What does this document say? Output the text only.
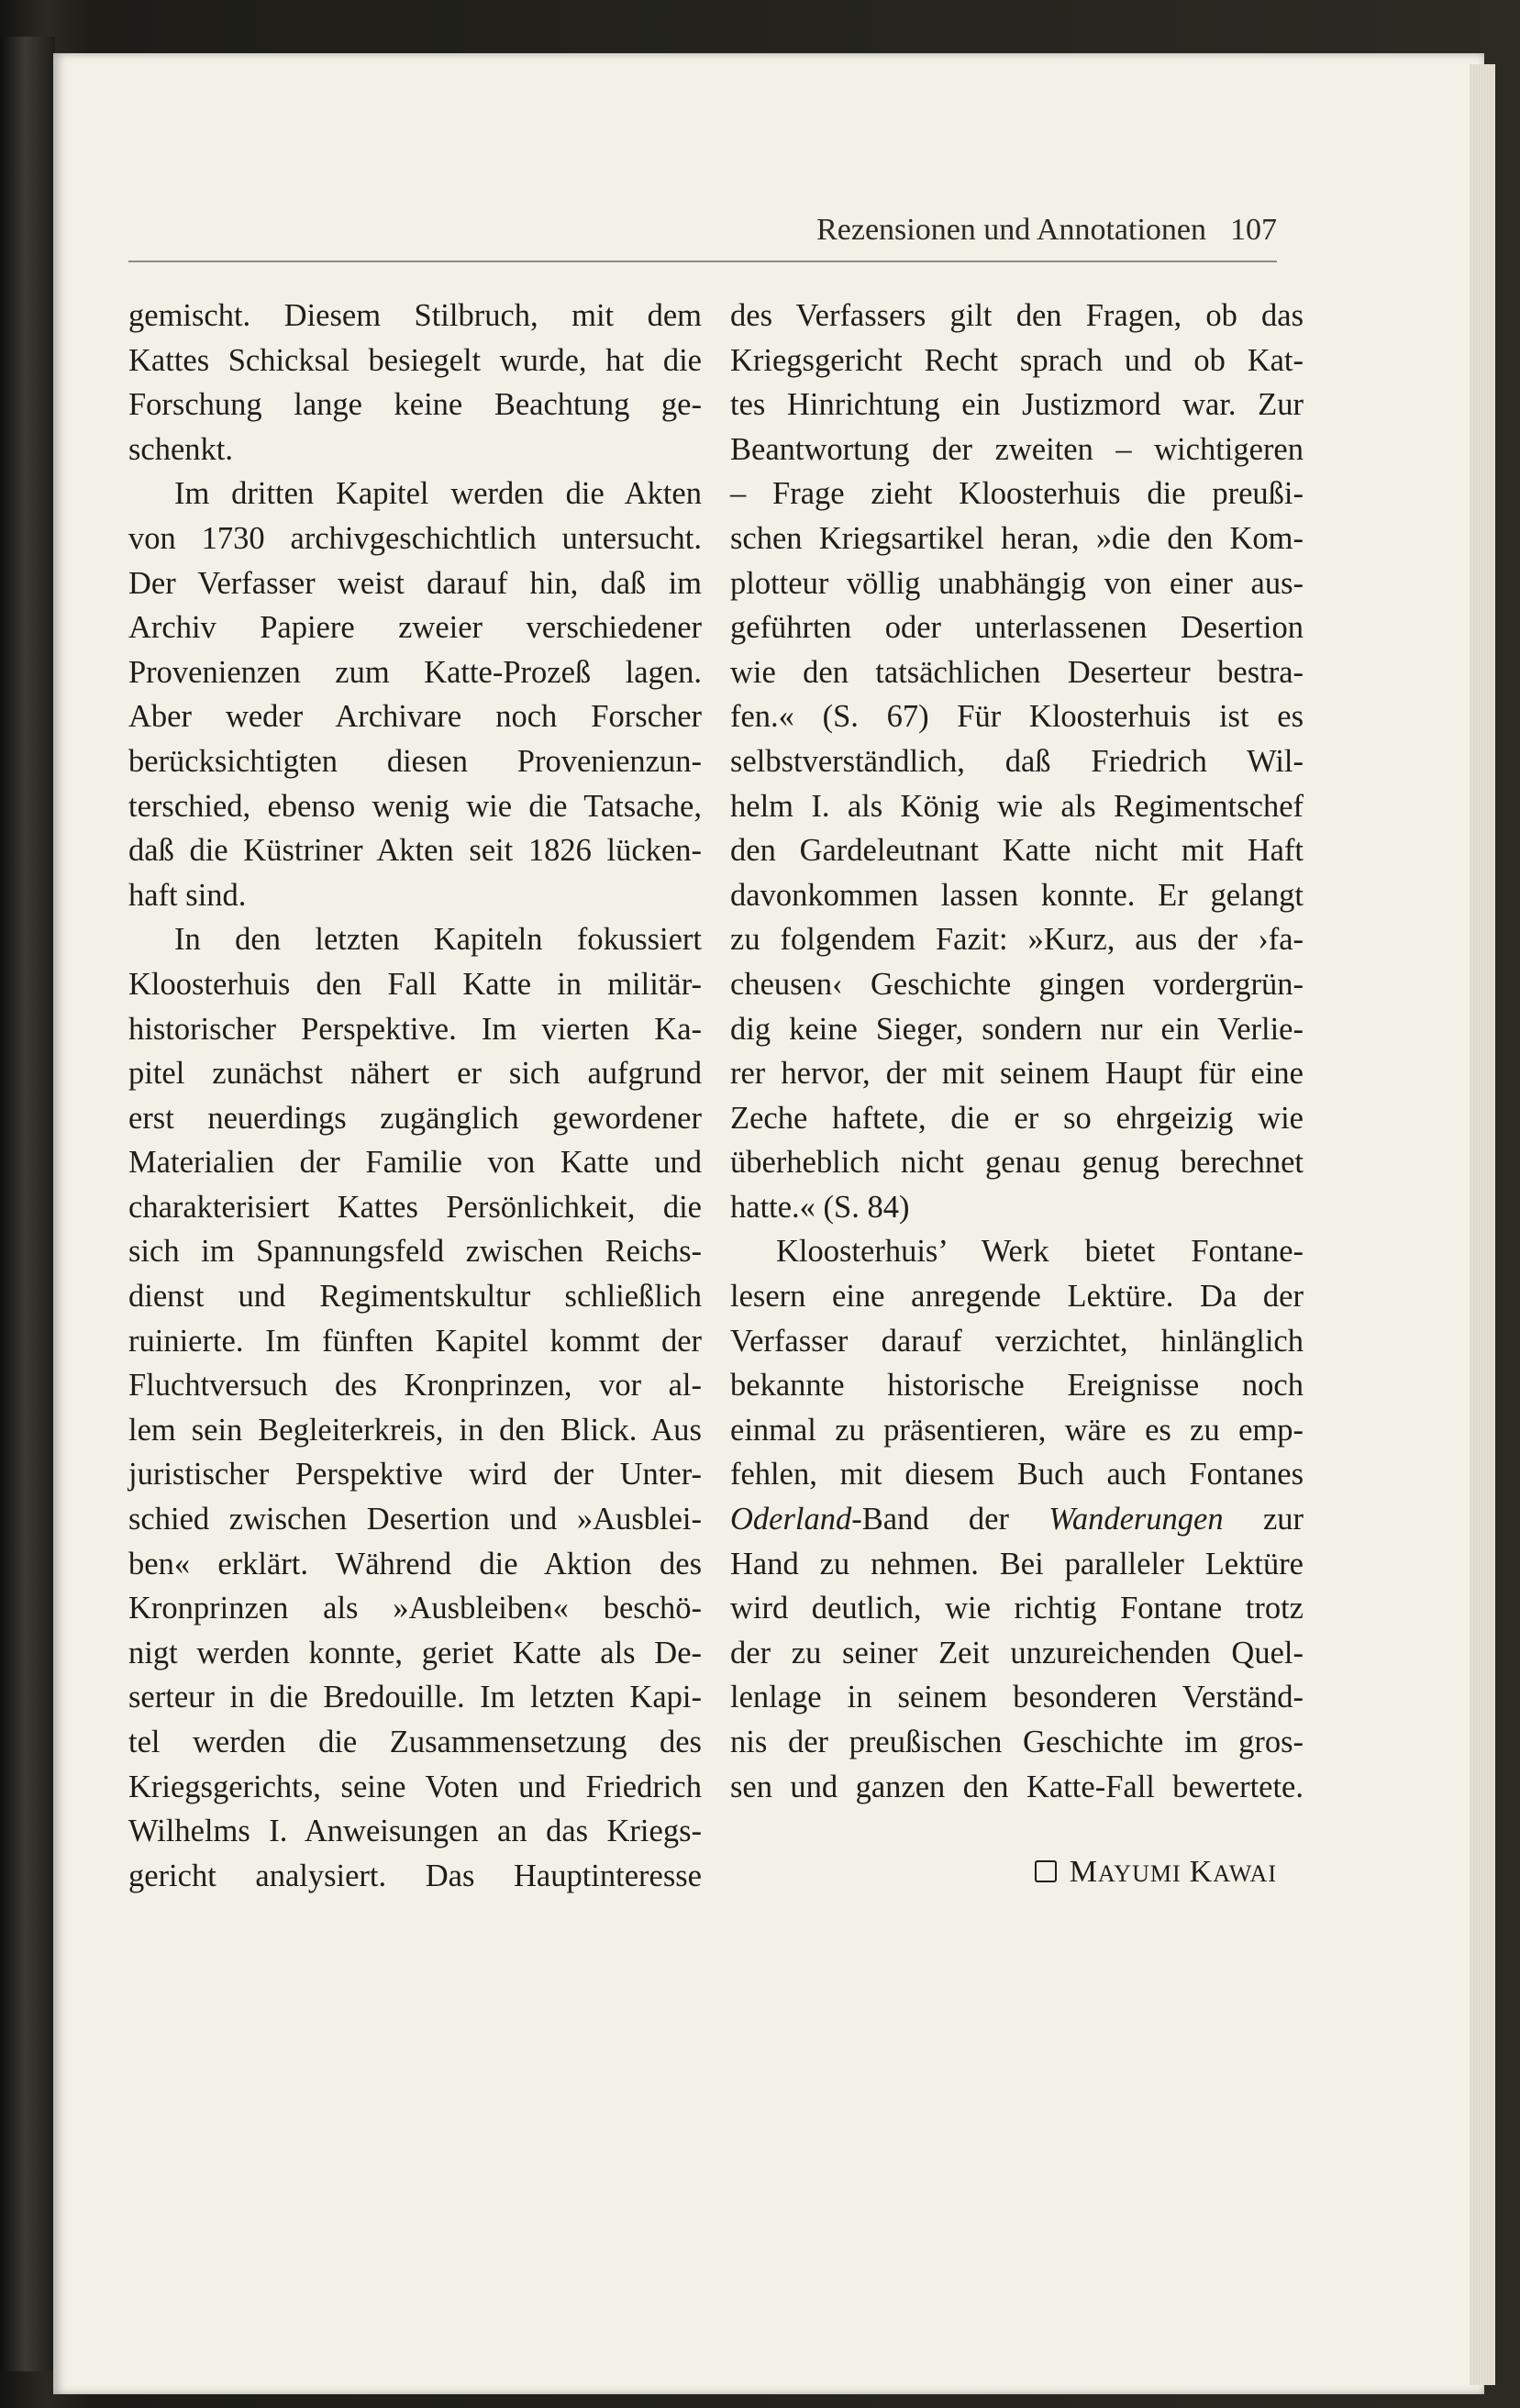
Rezensionen und Annotationen 107
gemischt. Diesem Stilbruch, mit dem
Kattes Schicksal besiegelt wurde, hat die
Forschung lange keine Beachtung ge-
schenkt.
Im dritten Kapitel werden die Akten
von 1730 archivgeschichtlich untersucht.
Der Verfasser weist darauf hin, daß im
Archiv Papiere zweier verschiedener
Provenienzen zum Katte-Prozeß lagen.
Aber weder Archivare noch Forscher
berücksichtigten diesen Provenienzun-
terschied, ebenso wenig wie die Tatsache,
daß die Küstriner Akten seit 1826 lücken-
haft sind.
In den letzten Kapiteln fokussiert
Kloosterhuis den Fall Katte in militär-
historischer Perspektive. Im vierten Ka-
pitel zunächst nähert er sich aufgrund
erst neuerdings zugänglich gewordener
Materialien der Familie von Katte und
charakterisiert Kattes Persönlichkeit, die
sich im Spannungsfeld zwischen Reichs-
dienst und Regimentskultur schließlich
ruinierte. Im fünften Kapitel kommt der
Fluchtversuch des Kronprinzen, vor al-
lem sein Begleiterkreis, in den Blick. Aus
juristischer Perspektive wird der Unter-
schied zwischen Desertion und »Ausblei-
ben« erklärt. Während die Aktion des
Kronprinzen als »Ausbleiben« beschö-
nigt werden konnte, geriet Katte als De-
serteur in die Bredouille. Im letzten Kapi-
tel werden die Zusammensetzung des
Kriegsgerichts, seine Voten und Friedrich
Wilhelms I. Anweisungen an das Kriegs-
gericht analysiert. Das Hauptinteresse
des Verfassers gilt den Fragen, ob das
Kriegsgericht Recht sprach und ob Kat-
tes Hinrichtung ein Justizmord war. Zur
Beantwortung der zweiten – wichtigeren
– Frage zieht Kloosterhuis die preußi-
schen Kriegsartikel heran, »die den Kom-
plotteur völlig unabhängig von einer aus-
geführten oder unterlassenen Desertion
wie den tatsächlichen Deserteur bestra-
fen.« (S. 67) Für Kloosterhuis ist es
selbstverständlich, daß Friedrich Wil-
helm I. als König wie als Regimentschef
den Gardeleutnant Katte nicht mit Haft
davonkommen lassen konnte. Er gelangt
zu folgendem Fazit: »Kurz, aus der ›fa-
cheusen‹ Geschichte gingen vordergrün-
dig keine Sieger, sondern nur ein Verlie-
rer hervor, der mit seinem Haupt für eine
Zeche haftete, die er so ehrgeizig wie
überheblich nicht genau genug berechnet
hatte.« (S. 84)
Kloosterhuis’ Werk bietet Fontane-
lesern eine anregende Lektüre. Da der
Verfasser darauf verzichtet, hinlänglich
bekannte historische Ereignisse noch
einmal zu präsentieren, wäre es zu emp-
fehlen, mit diesem Buch auch Fontanes
Oderland-Band der Wanderungen zur
Hand zu nehmen. Bei paralleler Lektüre
wird deutlich, wie richtig Fontane trotz
der zu seiner Zeit unzureichenden Quel-
lenlage in seinem besonderen Verständ-
nis der preußischen Geschichte im gros-
sen und ganzen den Katte-Fall bewertete.
MAYUMI KAWAI
